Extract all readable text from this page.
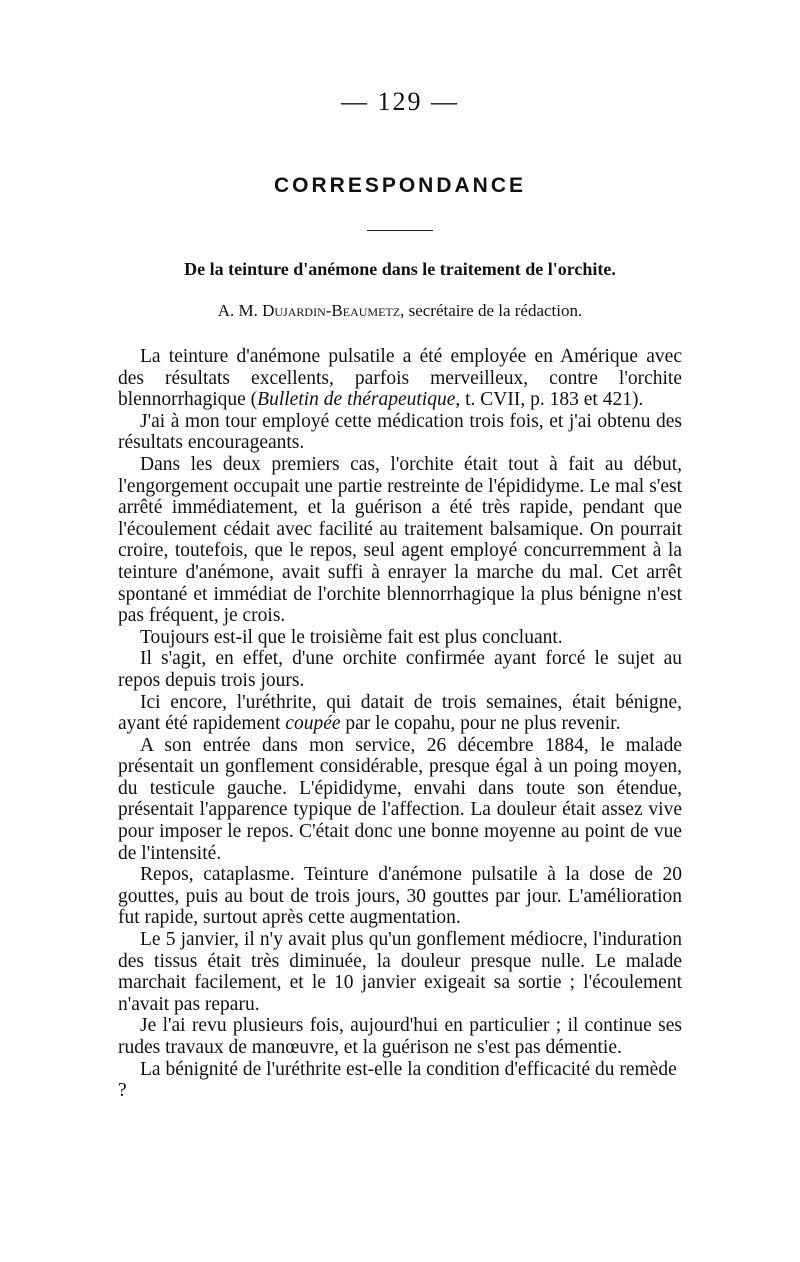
— 129 —
CORRESPONDANCE
De la teinture d'anémone dans le traitement de l'orchite.
A. M. Dujardin-Beaumetz, secrétaire de la rédaction.

La teinture d'anémone pulsatile a été employée en Amérique avec des résultats excellents, parfois merveilleux, contre l'orchite blennorrhagique (Bulletin de thérapeutique, t. CVII, p. 183 et 421).

J'ai à mon tour employé cette médication trois fois, et j'ai obtenu des résultats encourageants.

Dans les deux premiers cas, l'orchite était tout à fait au début, l'engorgement occupait une partie restreinte de l'épididyme. Le mal s'est arrêté immédiatement, et la guérison a été très rapide, pendant que l'écoulement cédait avec facilité au traitement balsamique. On pourrait croire, toutefois, que le repos, seul agent employé concurremment à la teinture d'anémone, avait suffi à enrayer la marche du mal. Cet arrêt spontané et immédiat de l'orchite blennorrhagique la plus bénigne n'est pas fréquent, je crois.

Toujours est-il que le troisième fait est plus concluant.

Il s'agit, en effet, d'une orchite confirmée ayant forcé le sujet au repos depuis trois jours.

Ici encore, l'uréthrite, qui datait de trois semaines, était bénigne, ayant été rapidement coupée par le copahu, pour ne plus revenir.

A son entrée dans mon service, 26 décembre 1884, le malade présentait un gonflement considérable, presque égal à un poing moyen, du testicule gauche. L'épididyme, envahi dans toute son étendue, présentait l'apparence typique de l'affection. La douleur était assez vive pour imposer le repos. C'était donc une bonne moyenne au point de vue de l'intensité.

Repos, cataplasme. Teinture d'anémone pulsatile à la dose de 20 gouttes, puis au bout de trois jours, 30 gouttes par jour. L'amélioration fut rapide, surtout après cette augmentation.

Le 5 janvier, il n'y avait plus qu'un gonflement médiocre, l'induration des tissus était très diminuée, la douleur presque nulle. Le malade marchait facilement, et le 10 janvier exigeait sa sortie ; l'écoulement n'avait pas reparu.

Je l'ai revu plusieurs fois, aujourd'hui en particulier ; il continue ses rudes travaux de manœuvre, et la guérison ne s'est pas démentie.

La bénignité de l'uréthrite est-elle la condition d'efficacité du remède ?
